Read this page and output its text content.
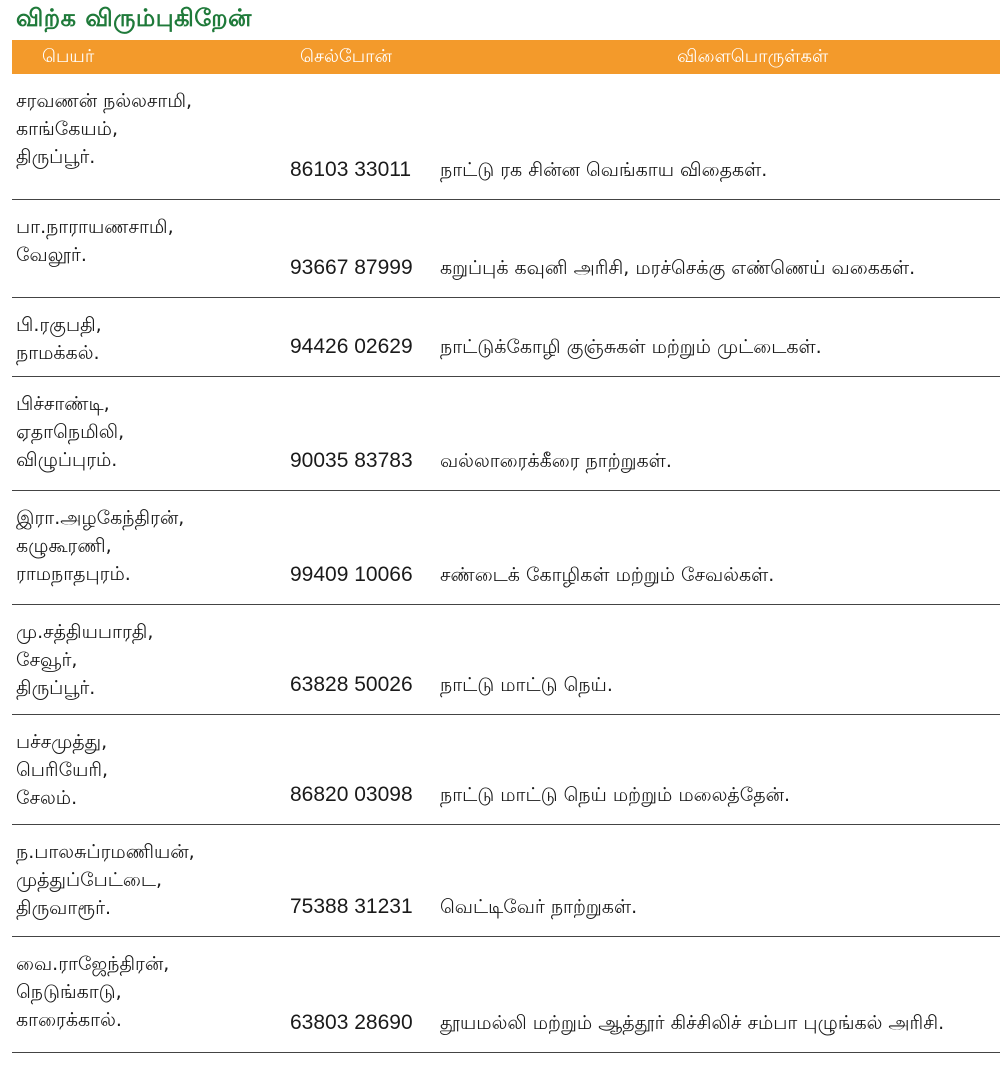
விற்க விரும்புகிறேன்
பெயர்	செல்போன்	விளைபொருள்கள்
சரவணன் நல்லசாமி,
காங்கேயம்,
திருப்பூர்.
86103 33011 நாட்டு ரக சின்ன வெங்காய விதைகள்.
பா.நாராயணசாமி,
வேலூர்.
93667 87999 கறுப்புக் கவுனி அரிசி, மரச்செக்கு எண்ணெய் வகைகள்.
பி.ரகுபதி,
நாமக்கல்.	94426 02629 நாட்டுக்கோழி குஞ்சுகள் மற்றும் முட்டைகள்.
பிச்சாண்டி,
ஏதாநெமிலி,
விழுப்புரம்.	90035 83783 வல்லாரைக்கீரை நாற்றுகள்.
இரா.அழகேந்திரன்,
கழுகூரணி,
ராமநாதபுரம்.	99409 10066 சண்டைக் கோழிகள் மற்றும் சேவல்கள்.
மு.சத்தியபாரதி,
சேவூர்,
திருப்பூர்.	63828 50026 நாட்டு மாட்டு நெய்.
பச்சமுத்து,
பெரியேரி,
சேலம்.	86820 03098 நாட்டு மாட்டு நெய் மற்றும் மலைத்தேன்.
ந.பாலசுப்ரமணியன்,
முத்துப்பேட்டை,
திருவாரூர்.	75388 31231 வெட்டிவேர் நாற்றுகள்.
வை.ராஜேந்திரன்,
நெடுங்காடு,
காரைக்கால்.	63803 28690 தூயமல்லி மற்றும் ஆத்தூர் கிச்சிலிச் சம்பா புழுங்கல் அரிசி.
